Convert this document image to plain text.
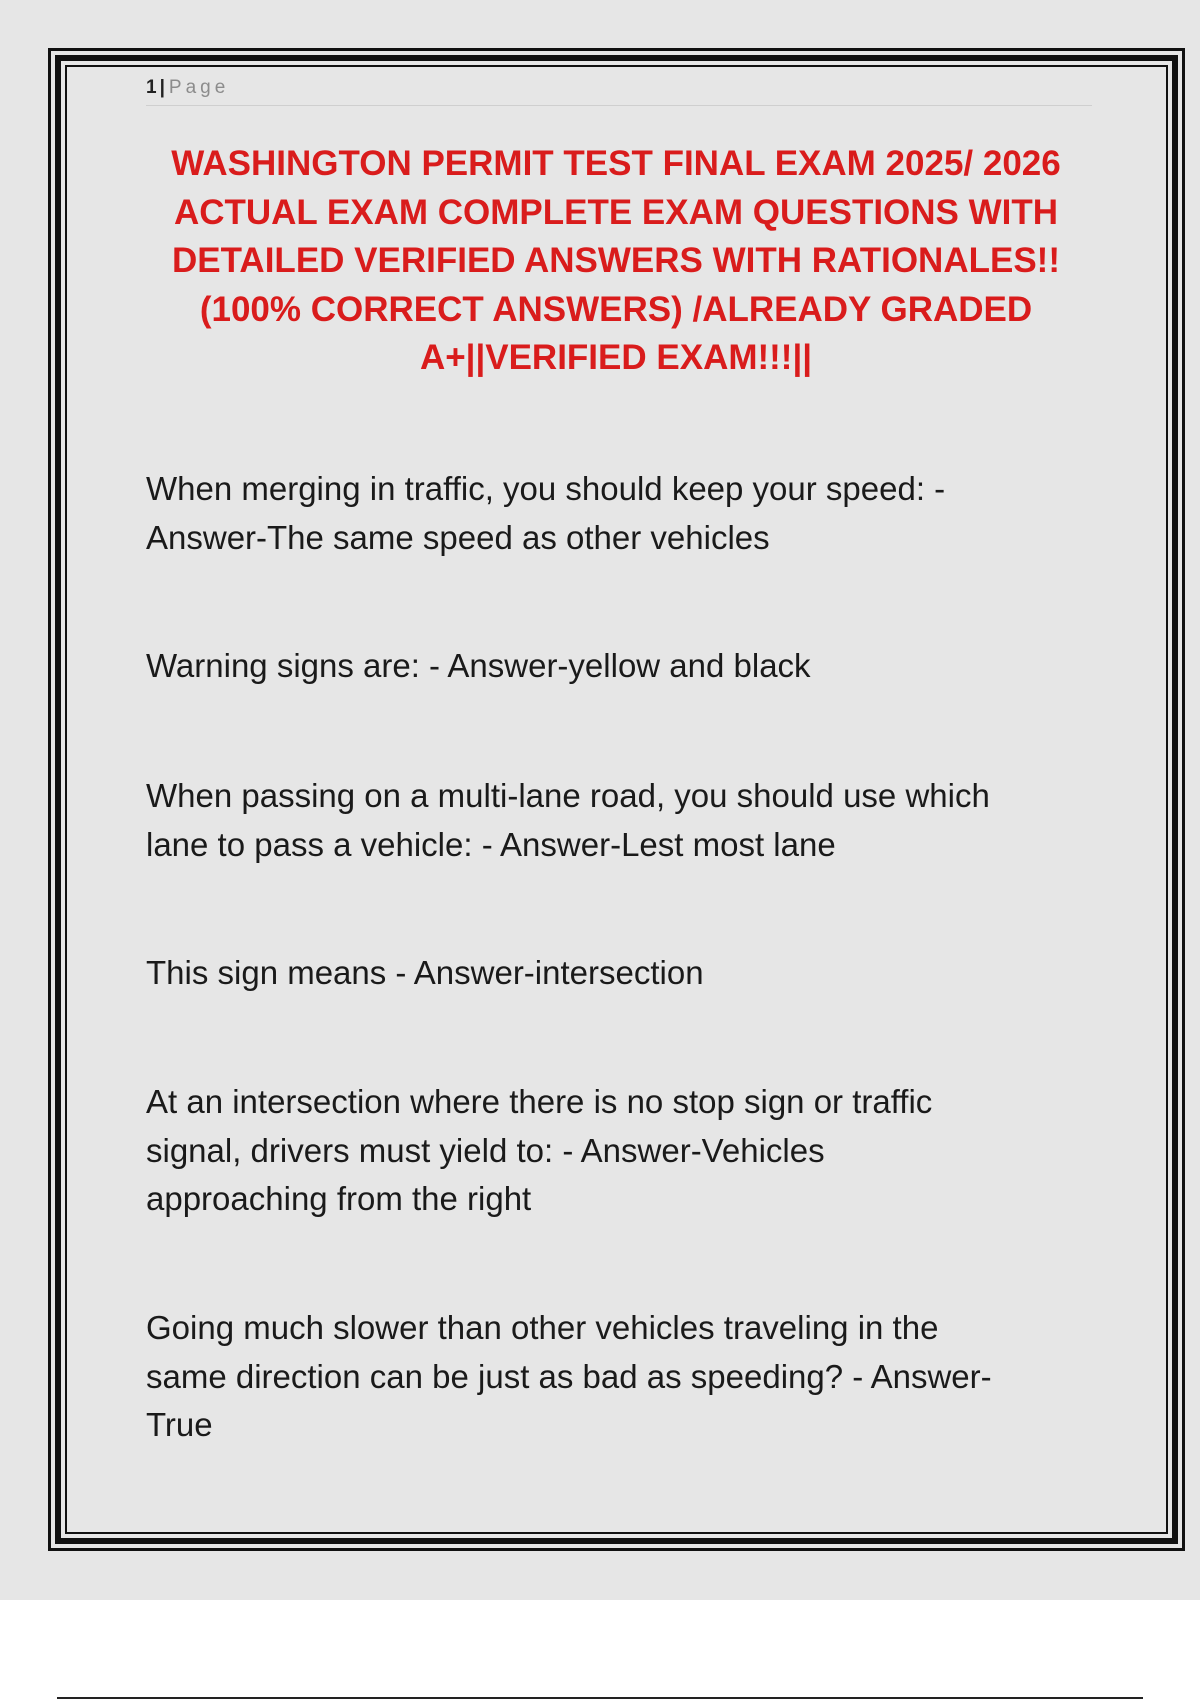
1 | Page
WASHINGTON PERMIT TEST FINAL EXAM 2025/ 2026
ACTUAL EXAM COMPLETE EXAM QUESTIONS WITH
DETAILED VERIFIED ANSWERS WITH RATIONALES!!
(100% CORRECT ANSWERS) /ALREADY GRADED
A+||VERIFIED EXAM!!!||

When merging in traffic, you should keep your speed: -
Answer-The same speed as other vehicles

Warning signs are: - Answer-yellow and black

When passing on a multi-lane road, you should use which
lane to pass a vehicle: - Answer-Lest most lane

This sign means - Answer-intersection

At an intersection where there is no stop sign or traffic
signal, drivers must yield to: - Answer-Vehicles
approaching from the right

Going much slower than other vehicles traveling in the
same direction can be just as bad as speeding? - Answer-
True
